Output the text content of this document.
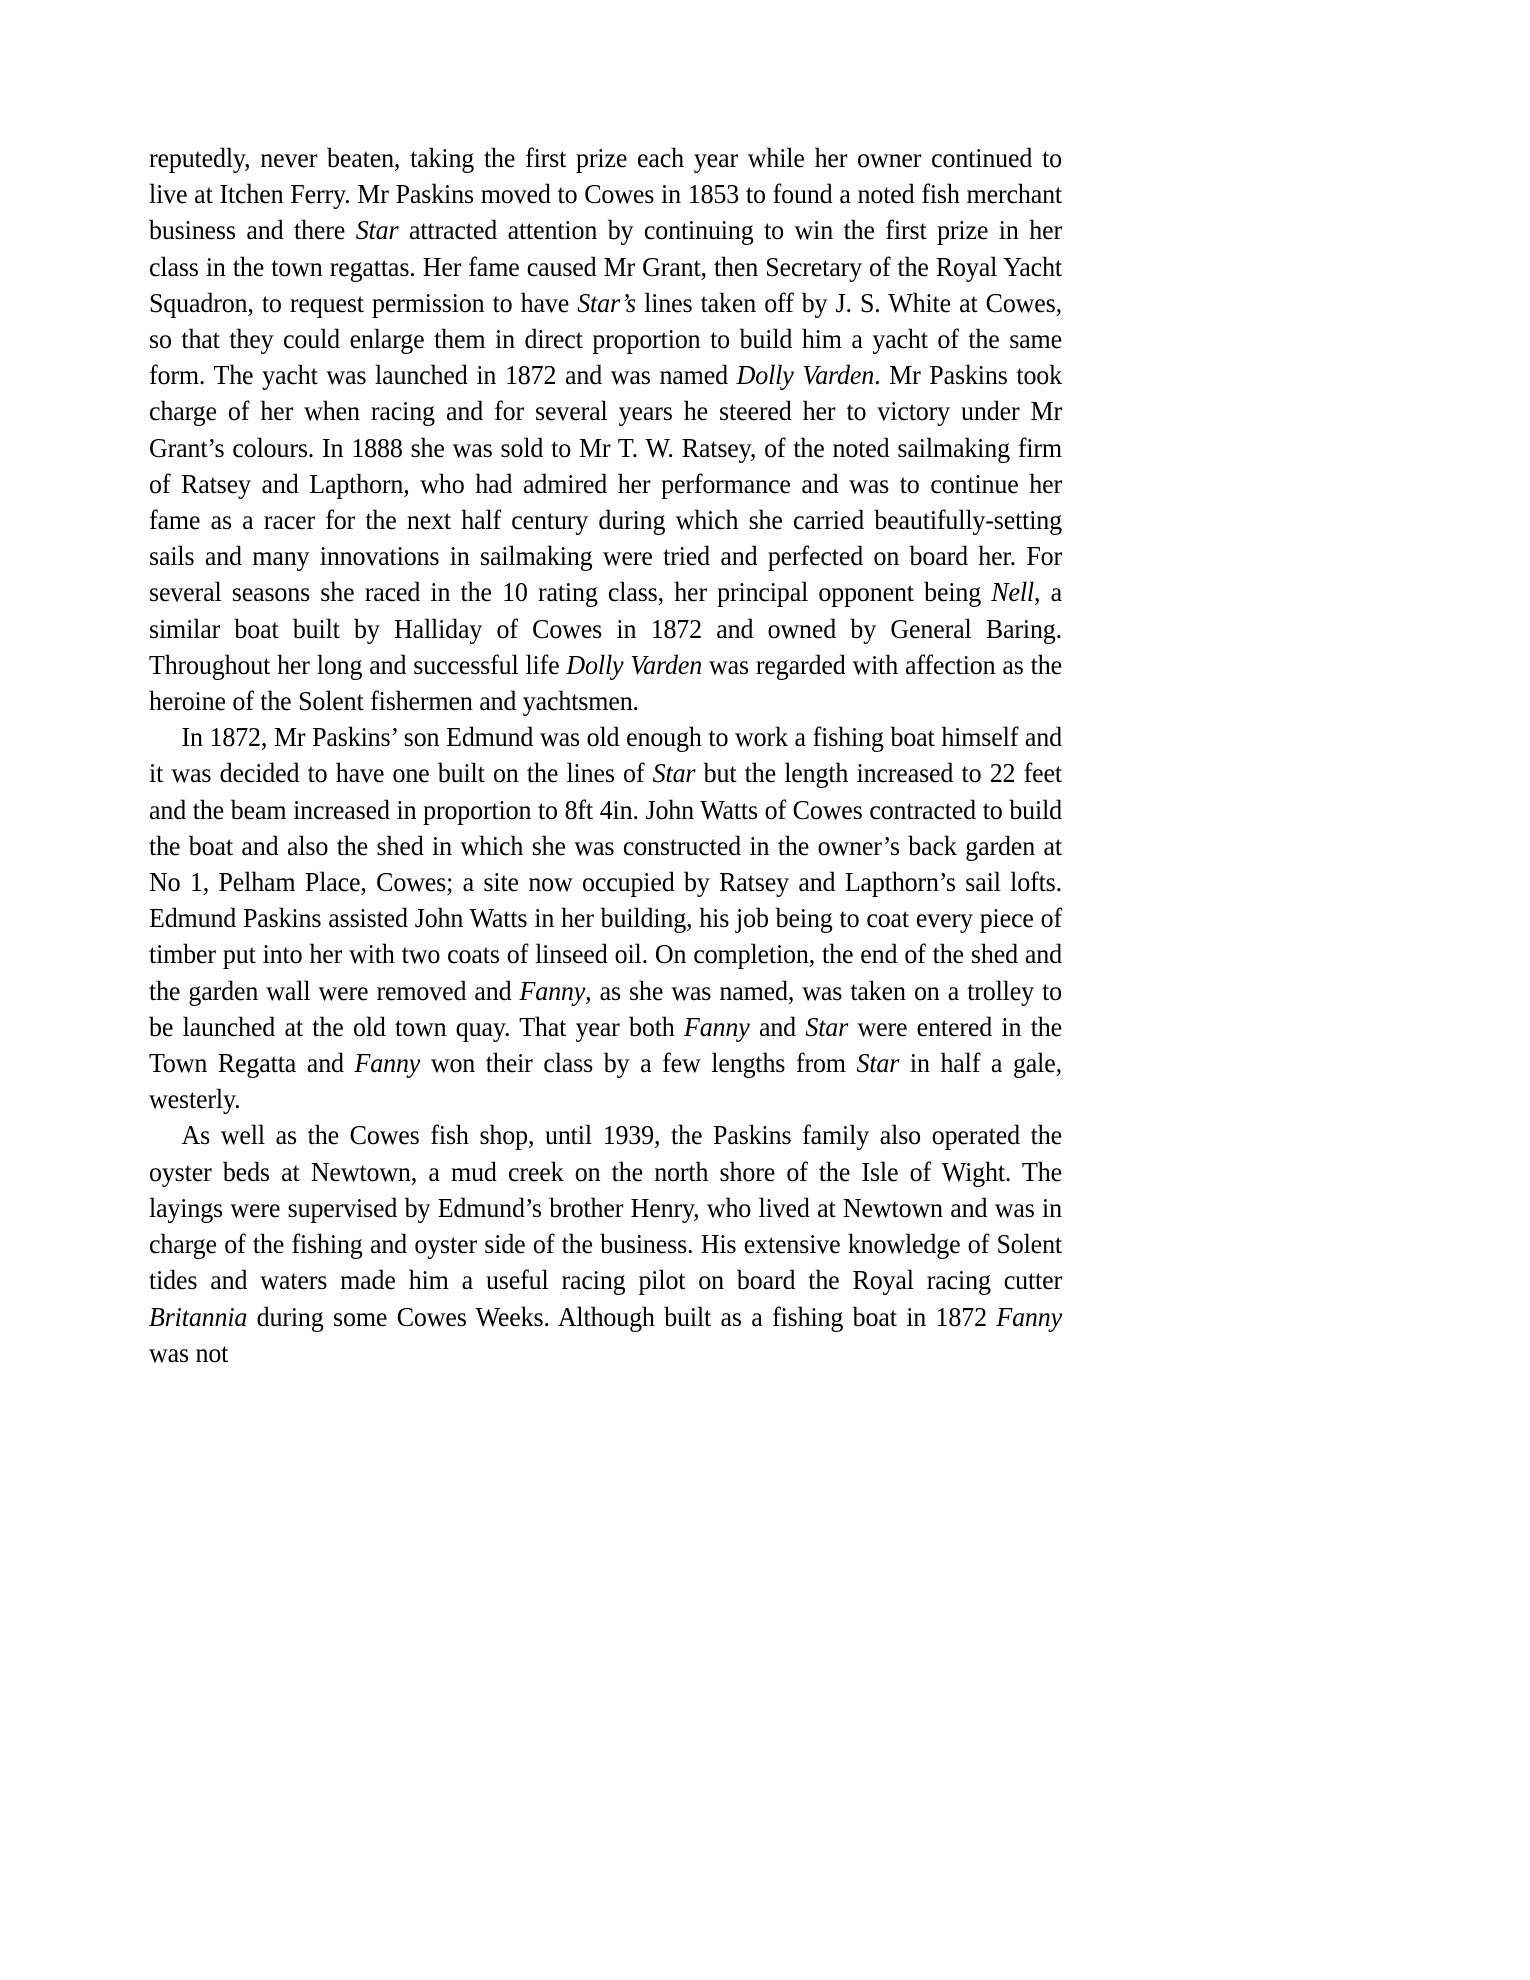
reputedly, never beaten, taking the first prize each year while her owner continued to live at Itchen Ferry. Mr Paskins moved to Cowes in 1853 to found a noted fish merchant business and there Star attracted attention by continuing to win the first prize in her class in the town regattas. Her fame caused Mr Grant, then Secretary of the Royal Yacht Squadron, to request permission to have Star’s lines taken off by J. S. White at Cowes, so that they could enlarge them in direct proportion to build him a yacht of the same form. The yacht was launched in 1872 and was named Dolly Varden. Mr Paskins took charge of her when racing and for several years he steered her to victory under Mr Grant’s colours. In 1888 she was sold to Mr T. W. Ratsey, of the noted sailmaking firm of Ratsey and Lapthorn, who had admired her performance and was to continue her fame as a racer for the next half century during which she carried beautifully-setting sails and many innovations in sailmaking were tried and perfected on board her. For several seasons she raced in the 10 rating class, her principal opponent being Nell, a similar boat built by Halliday of Cowes in 1872 and owned by General Baring. Throughout her long and successful life Dolly Varden was regarded with affection as the heroine of the Solent fishermen and yachtsmen.

In 1872, Mr Paskins’ son Edmund was old enough to work a fishing boat himself and it was decided to have one built on the lines of Star but the length increased to 22 feet and the beam increased in proportion to 8ft 4in. John Watts of Cowes contracted to build the boat and also the shed in which she was constructed in the owner’s back garden at No 1, Pelham Place, Cowes; a site now occupied by Ratsey and Lapthorn’s sail lofts. Edmund Paskins assisted John Watts in her building, his job being to coat every piece of timber put into her with two coats of linseed oil. On completion, the end of the shed and the garden wall were removed and Fanny, as she was named, was taken on a trolley to be launched at the old town quay. That year both Fanny and Star were entered in the Town Regatta and Fanny won their class by a few lengths from Star in half a gale, westerly.

As well as the Cowes fish shop, until 1939, the Paskins family also operated the oyster beds at Newtown, a mud creek on the north shore of the Isle of Wight. The layings were supervised by Edmund’s brother Henry, who lived at Newtown and was in charge of the fishing and oyster side of the business. His extensive knowledge of Solent tides and waters made him a useful racing pilot on board the Royal racing cutter Britannia during some Cowes Weeks. Although built as a fishing boat in 1872 Fanny was not
